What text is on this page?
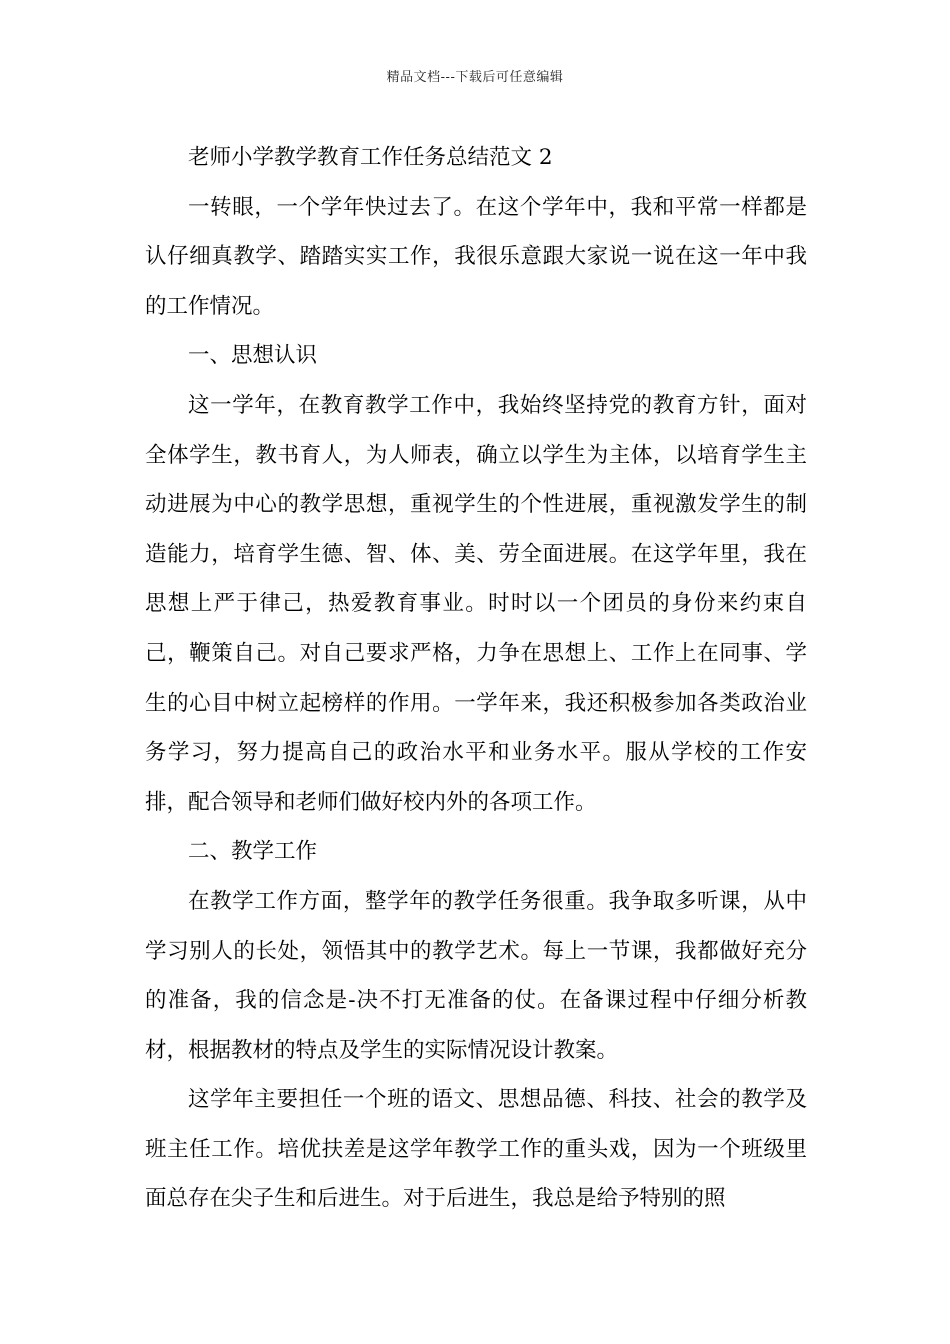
精品文档---下载后可任意编辑

老师小学教学教育工作任务总结范文 2

一转眼，一个学年快过去了。在这个学年中，我和平常一样都是认仔细真教学、踏踏实实工作，我很乐意跟大家说一说在这一年中我的工作情况。

一、思想认识

这一学年，在教育教学工作中，我始终坚持党的教育方针，面对全体学生，教书育人，为人师表，确立以学生为主体，以培育学生主动进展为中心的教学思想，重视学生的个性进展，重视激发学生的制造能力，培育学生德、智、体、美、劳全面进展。在这学年里，我在思想上严于律己，热爱教育事业。时时以一个团员的身份来约束自己，鞭策自己。对自己要求严格，力争在思想上、工作上在同事、学生的心目中树立起榜样的作用。一学年来，我还积极参加各类政治业务学习，努力提高自己的政治水平和业务水平。服从学校的工作安排，配合领导和老师们做好校内外的各项工作。

二、教学工作

在教学工作方面，整学年的教学任务很重。我争取多听课，从中学习别人的长处，领悟其中的教学艺术。每上一节课，我都做好充分的准备，我的信念是-决不打无准备的仗。在备课过程中仔细分析教材，根据教材的特点及学生的实际情况设计教案。

这学年主要担任一个班的语文、思想品德、科技、社会的教学及班主任工作。培优扶差是这学年教学工作的重头戏，因为一个班级里面总存在尖子生和后进生。对于后进生，我总是给予特别的照
